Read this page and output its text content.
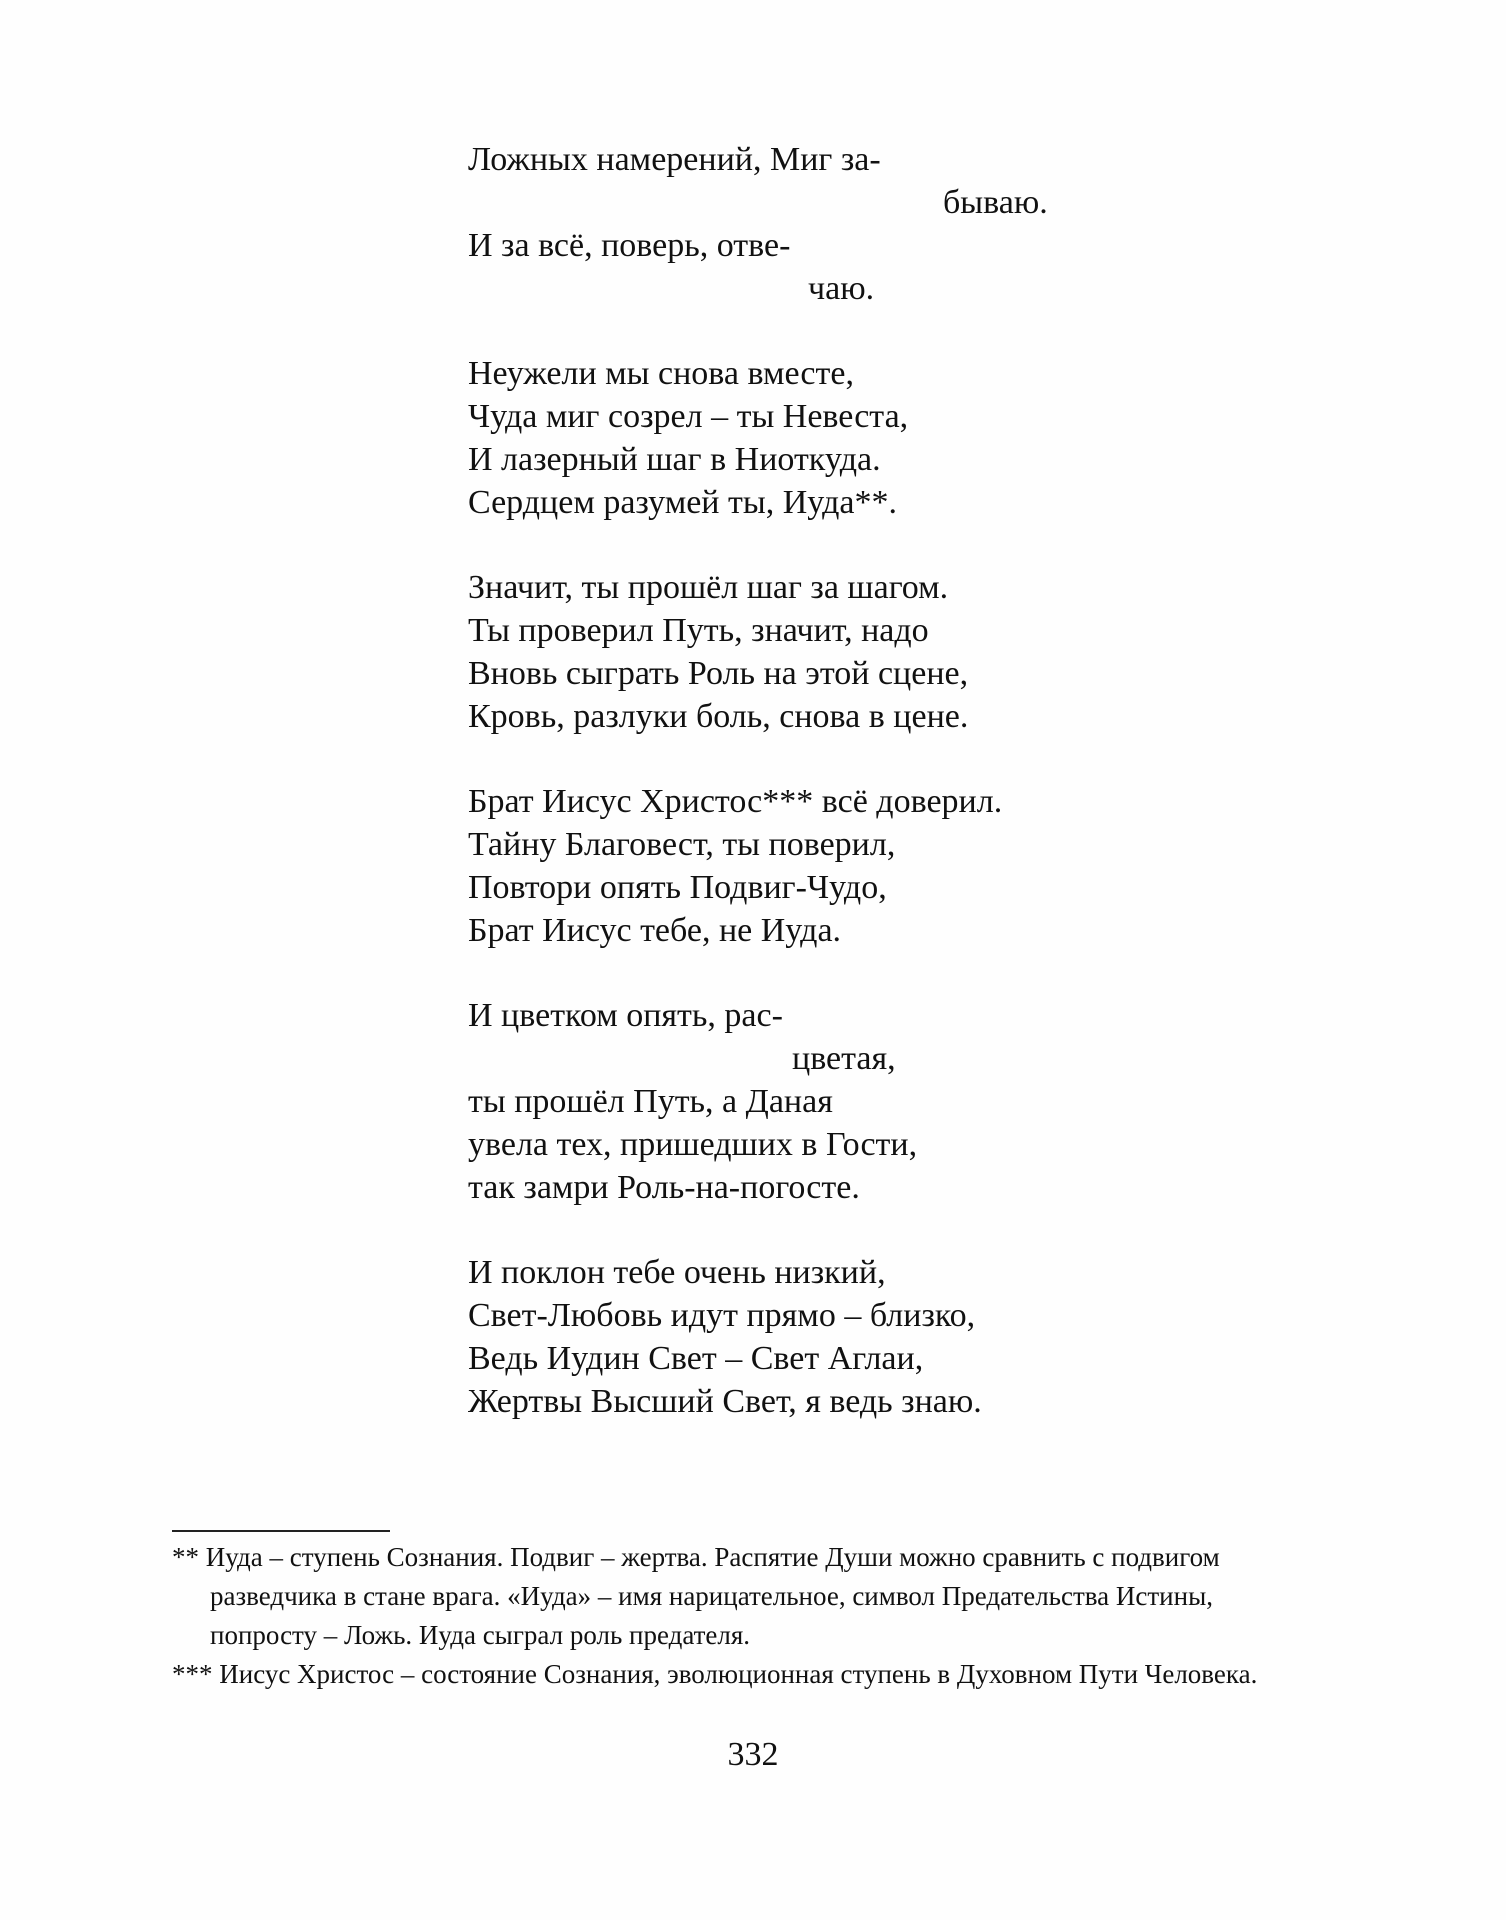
Ложных намерений, Миг за-
бываю.
И за всё, поверь, отве-
чаю.
Неужели мы снова вместе,
Чуда миг созрел – ты Невеста,
И лазерный шаг в Ниоткуда.
Сердцем разумей ты, Иуда**.
Значит, ты прошёл шаг за шагом.
Ты проверил Путь, значит, надо
Вновь сыграть Роль на этой сцене,
Кровь, разлуки боль, снова в цене.
Брат Иисус Христос*** всё доверил.
Тайну Благовест, ты поверил,
Повтори опять Подвиг-Чудо,
Брат Иисус тебе, не Иуда.
И цветком опять, рас-
цветая,
ты прошёл Путь, а Даная
увела тех, пришедших в Гости,
так замри Роль-на-погосте.
И поклон тебе очень низкий,
Свет-Любовь идут прямо – близко,
Ведь Иудин Свет – Свет Аглаи,
Жертвы Высший Свет, я ведь знаю.
** Иуда – ступень Сознания. Подвиг – жертва. Распятие Души можно сравнить с подвигом
разведчика в стане врага. «Иуда» – имя нарицательное, символ Предательства Истины,
попросту – Ложь. Иуда сыграл роль предателя.
*** Иисус Христос – состояние Сознания, эволюционная ступень в Духовном Пути Человека.
332
